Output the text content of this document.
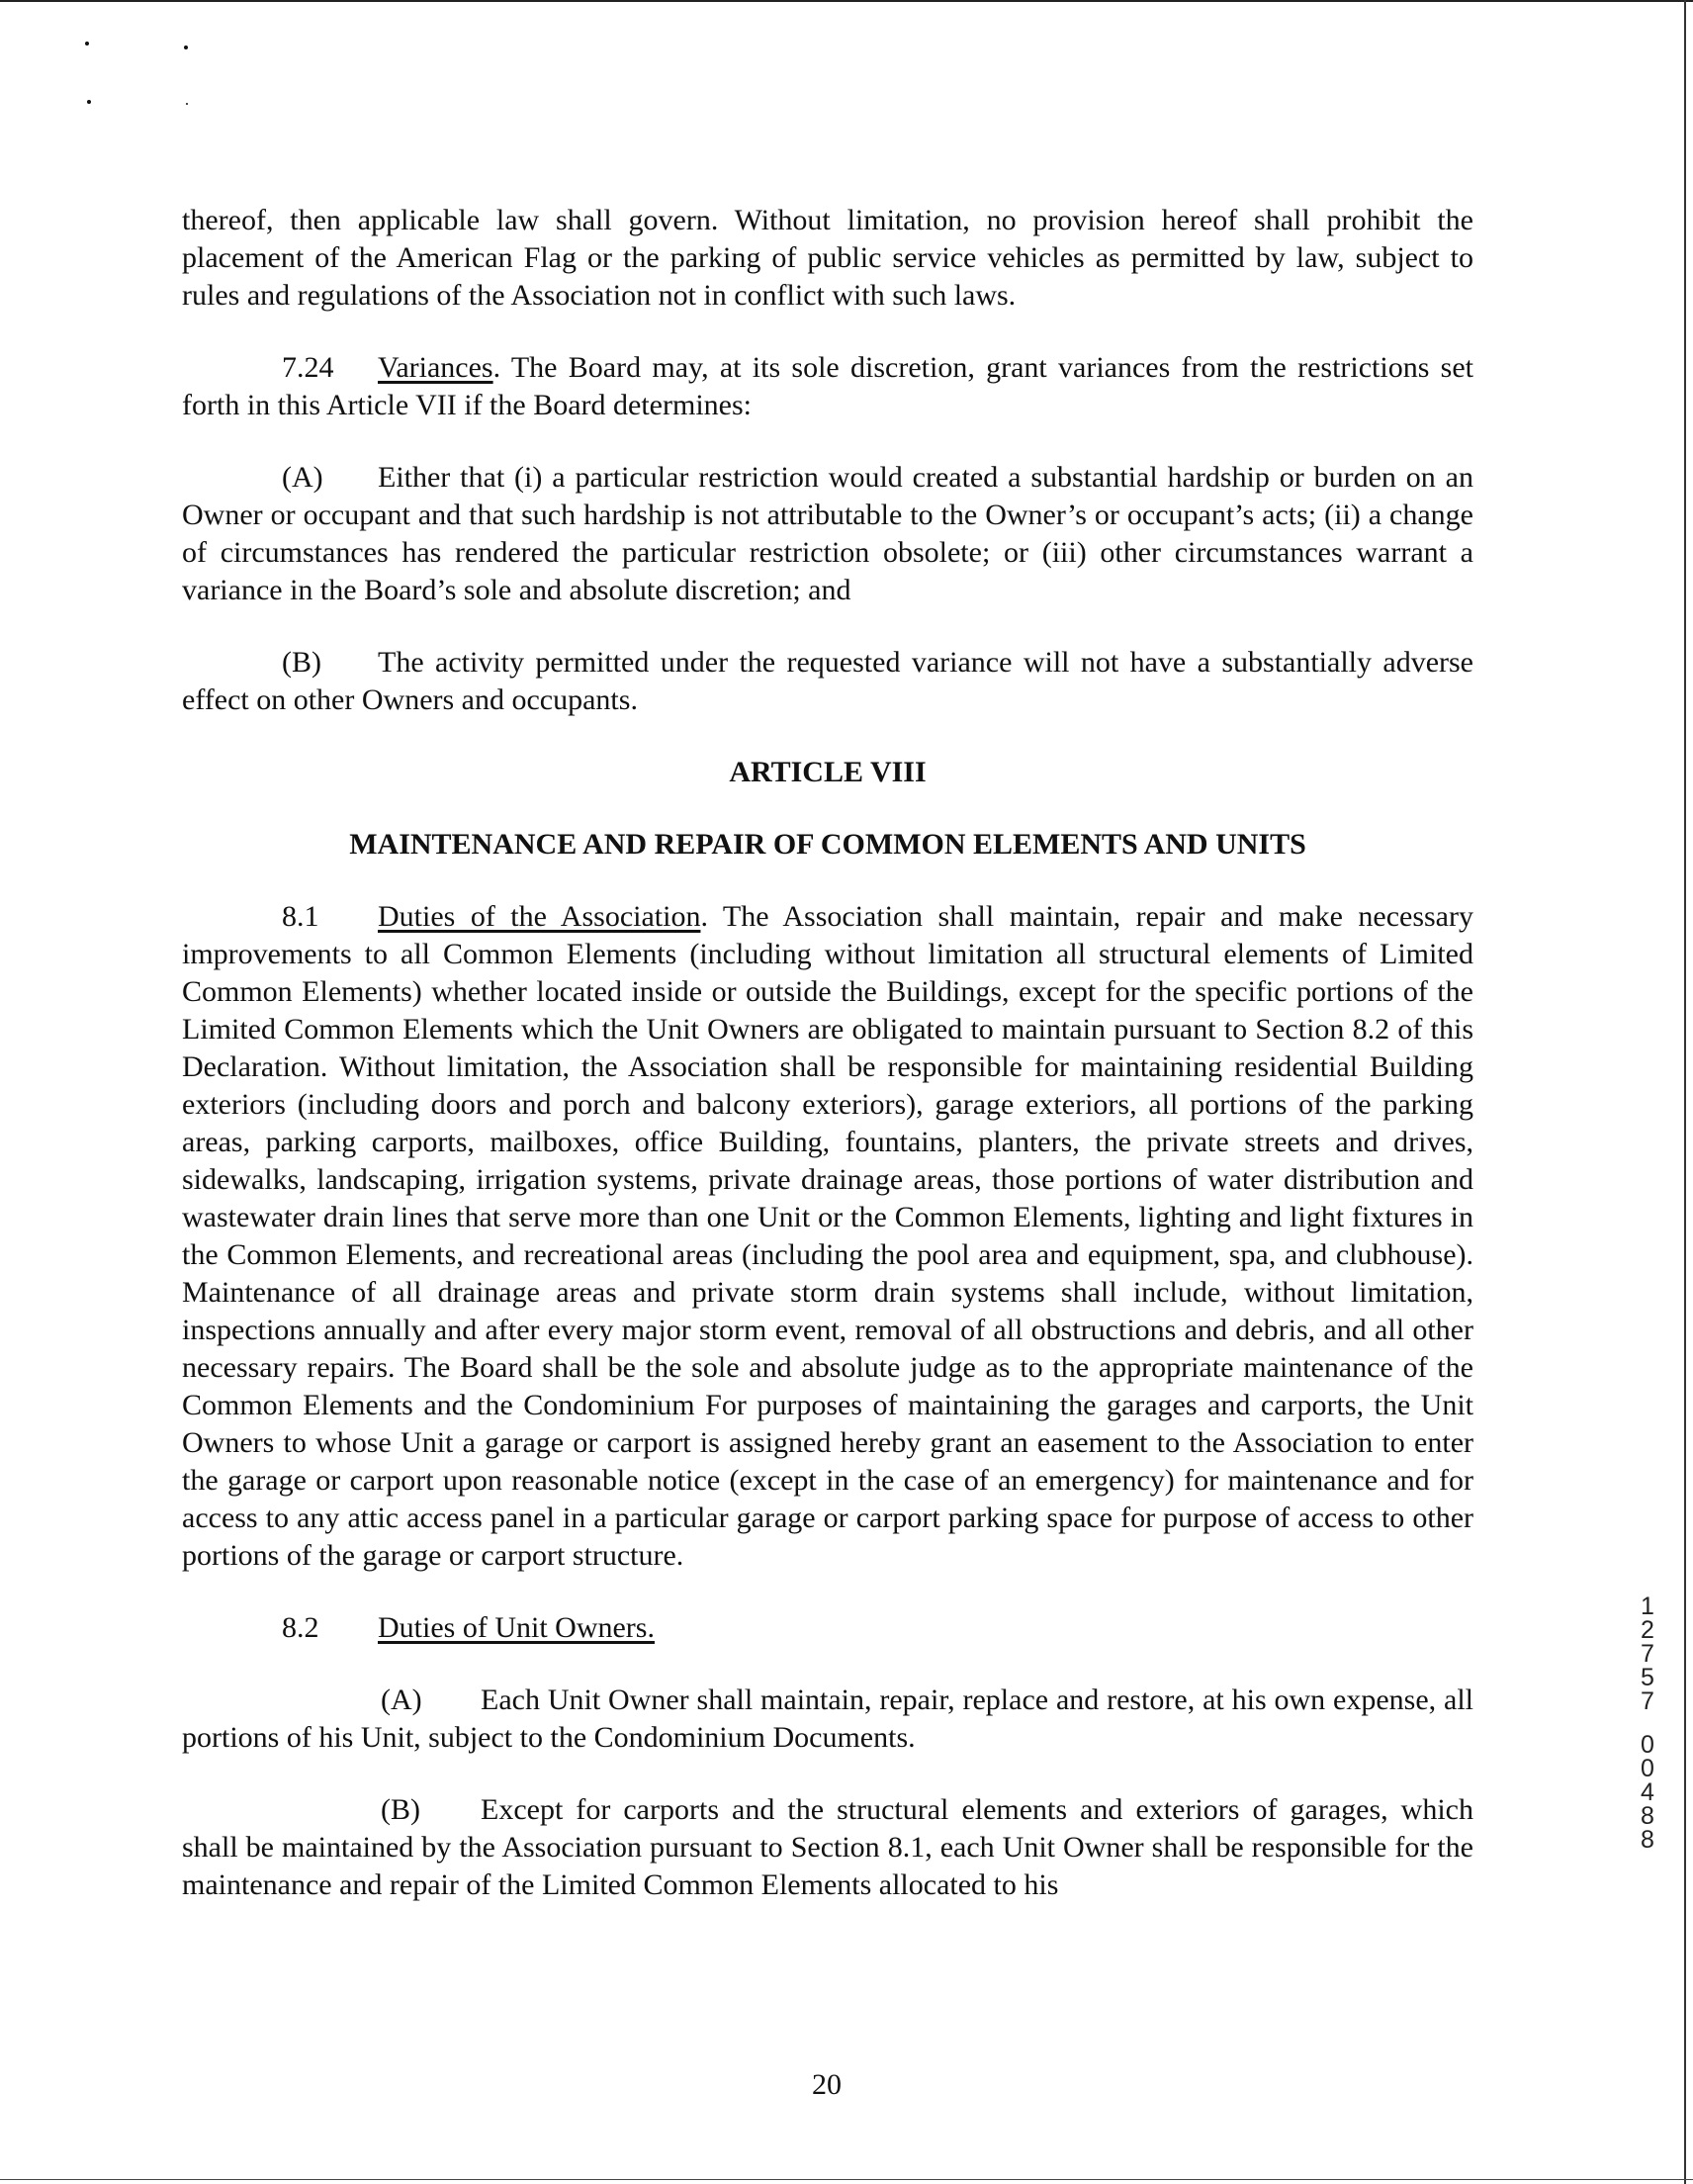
thereof, then applicable law shall govern. Without limitation, no provision hereof shall prohibit the placement of the American Flag or the parking of public service vehicles as permitted by law, subject to rules and regulations of the Association not in conflict with such laws.

7.24 Variances. The Board may, at its sole discretion, grant variances from the restrictions set forth in this Article VII if the Board determines:

(A) Either that (i) a particular restriction would created a substantial hardship or burden on an Owner or occupant and that such hardship is not attributable to the Owner’s or occupant’s acts; (ii) a change of circumstances has rendered the particular restriction obsolete; or (iii) other circumstances warrant a variance in the Board’s sole and absolute discretion; and

(B) The activity permitted under the requested variance will not have a substantially adverse effect on other Owners and occupants.

ARTICLE VIII

MAINTENANCE AND REPAIR OF COMMON ELEMENTS AND UNITS

8.1 Duties of the Association. The Association shall maintain, repair and make necessary improvements to all Common Elements (including without limitation all structural elements of Limited Common Elements) whether located inside or outside the Buildings, except for the specific portions of the Limited Common Elements which the Unit Owners are obligated to maintain pursuant to Section 8.2 of this Declaration. Without limitation, the Association shall be responsible for maintaining residential Building exteriors (including doors and porch and balcony exteriors), garage exteriors, all portions of the parking areas, parking carports, mailboxes, office Building, fountains, planters, the private streets and drives, sidewalks, landscaping, irrigation systems, private drainage areas, those portions of water distribution and wastewater drain lines that serve more than one Unit or the Common Elements, lighting and light fixtures in the Common Elements, and recreational areas (including the pool area and equipment, spa, and clubhouse). Maintenance of all drainage areas and private storm drain systems shall include, without limitation, inspections annually and after every major storm event, removal of all obstructions and debris, and all other necessary repairs. The Board shall be the sole and absolute judge as to the appropriate maintenance of the Common Elements and the Condominium For purposes of maintaining the garages and carports, the Unit Owners to whose Unit a garage or carport is assigned hereby grant an easement to the Association to enter the garage or carport upon reasonable notice (except in the case of an emergency) for maintenance and for access to any attic access panel in a particular garage or carport parking space for purpose of access to other portions of the garage or carport structure.

8.2 Duties of Unit Owners.

(A) Each Unit Owner shall maintain, repair, replace and restore, at his own expense, all portions of his Unit, subject to the Condominium Documents.

(B) Except for carports and the structural elements and exteriors of garages, which shall be maintained by the Association pursuant to Section 8.1, each Unit Owner shall be responsible for the maintenance and repair of the Limited Common Elements allocated to his

12757
00488
20
